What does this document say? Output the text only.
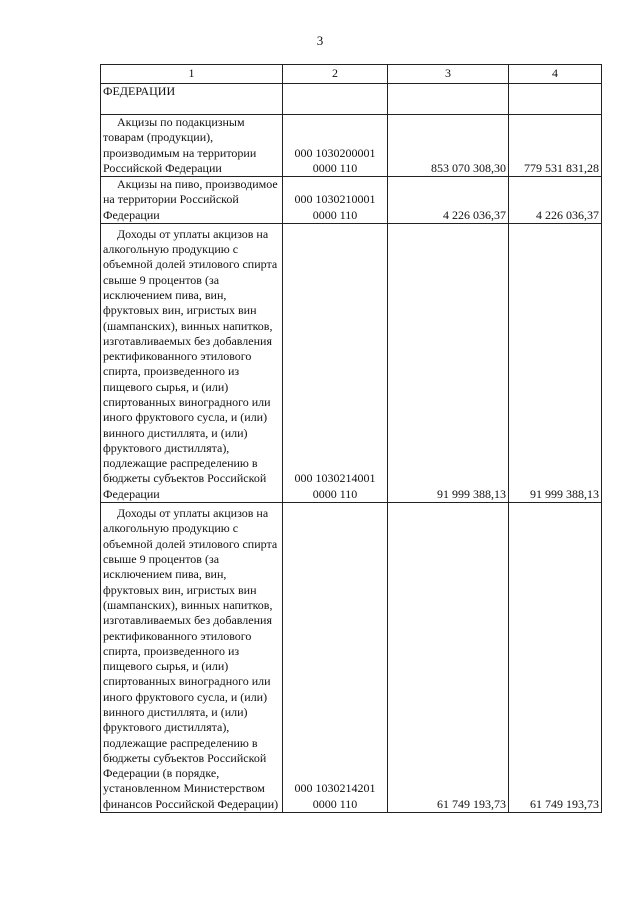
3
1	2	3	4
ФЕДЕРАЦИИ			

Акцизы по подакцизным товарам (продукции), производимым на территории Российской Федерации	000 1030200001 0000 110	853 070 308,30	779 531 831,28

Акцизы на пиво, производимое на территории Российской Федерации	000 1030210001 0000 110	4 226 036,37	4 226 036,37

Доходы от уплаты акцизов на алкогольную продукцию с объемной долей этилового спирта свыше 9 процентов (за исключением пива, вин, фруктовых вин, игристых вин (шампанских), винных напитков, изготавливаемых без добавления ректификованного этилового спирта, произведенного из пищевого сырья, и (или) спиртованных виноградного или иного фруктового сусла, и (или) винного дистиллята, и (или) фруктового дистиллята), подлежащие распределению в бюджеты субъектов Российской Федерации	000 1030214001 0000 110	91 999 388,13	91 999 388,13

Доходы от уплаты акцизов на алкогольную продукцию с объемной долей этилового спирта свыше 9 процентов (за исключением пива, вин, фруктовых вин, игристых вин (шампанских), винных напитков, изготавливаемых без добавления ректификованного этилового спирта, произведенного из пищевого сырья, и (или) спиртованных виноградного или иного фруктового сусла, и (или) винного дистиллята, и (или) фруктового дистиллята), подлежащие распределению в бюджеты субъектов Российской Федерации (в порядке, установленном Министерством финансов Российской Федерации)	000 1030214201 0000 110	61 749 193,73	61 749 193,73
